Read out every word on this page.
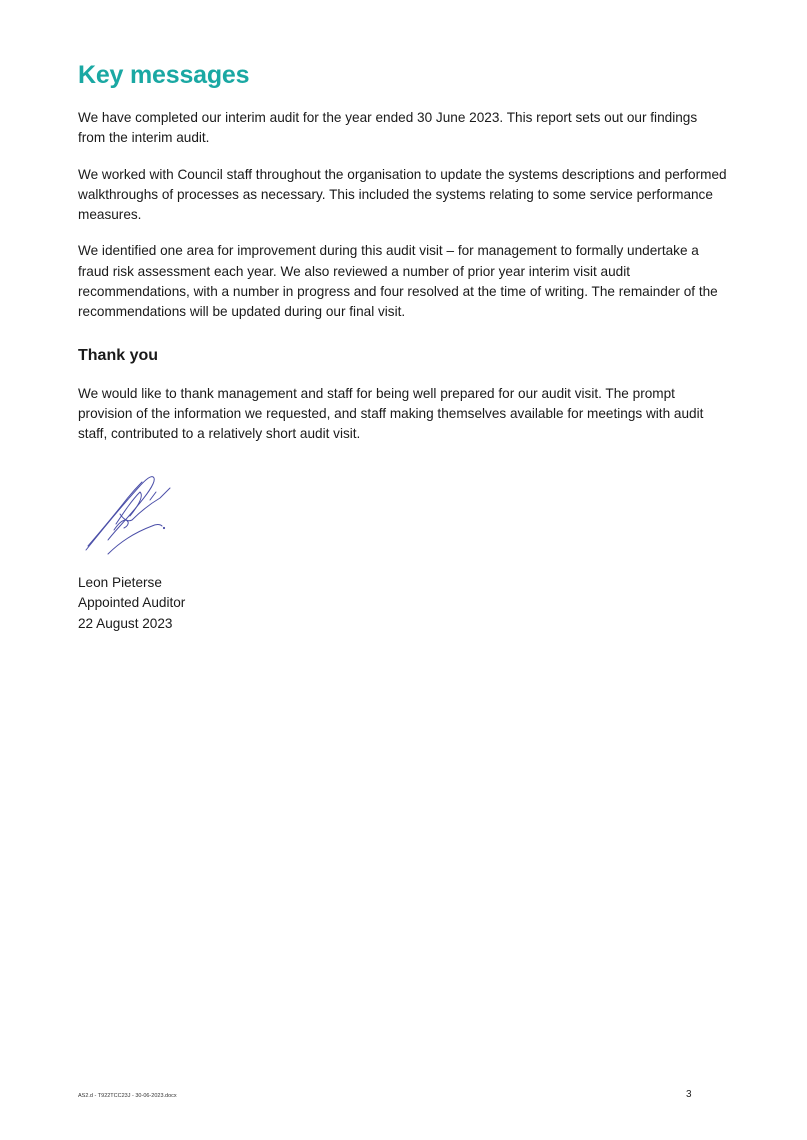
Key messages

We have completed our interim audit for the year ended 30 June 2023. This report sets out our findings from the interim audit.

We worked with Council staff throughout the organisation to update the systems descriptions and performed walkthroughs of processes as necessary. This included the systems relating to some service performance measures.

We identified one area for improvement during this audit visit – for management to formally undertake a fraud risk assessment each year. We also reviewed a number of prior year interim visit audit recommendations, with a number in progress and four resolved at the time of writing. The remainder of the recommendations will be updated during our final visit.

Thank you

We would like to thank management and staff for being well prepared for our audit visit. The prompt provision of the information we requested, and staff making themselves available for meetings with audit staff, contributed to a relatively short audit visit.

Leon Pieterse
Appointed Auditor
22 August 2023
AS2.d - T922TCC23J - 30-06-2023.docx	3
